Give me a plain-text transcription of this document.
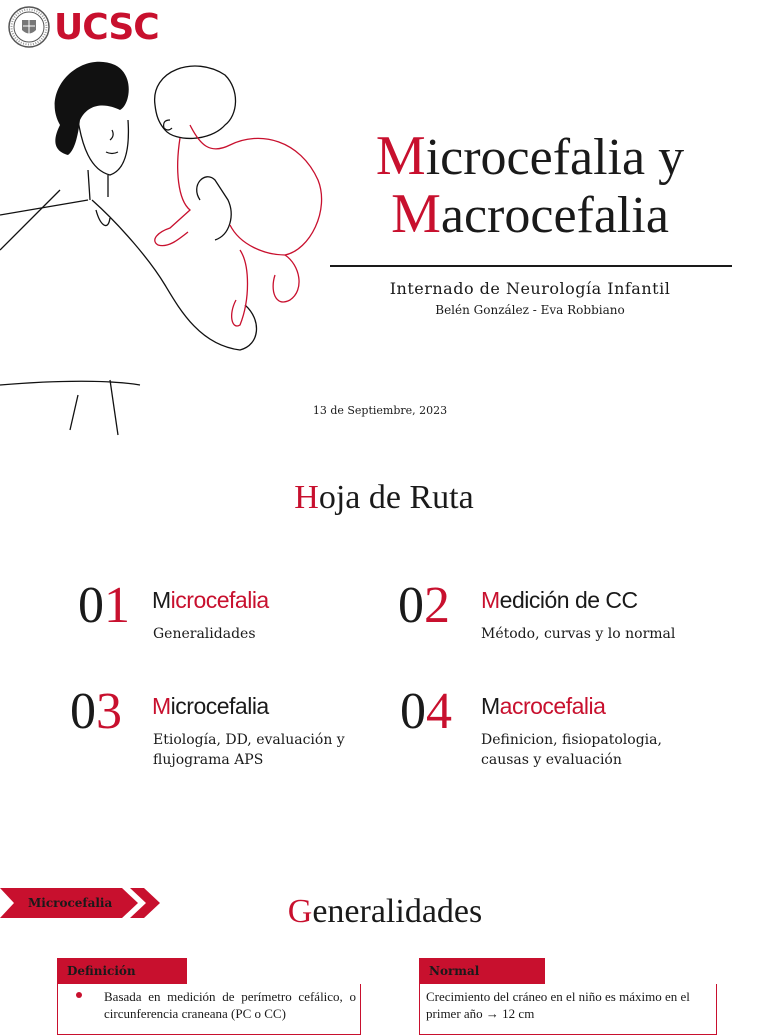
UCSC
Microcefalia y
Macrocefalia
Internado de Neurología Infantil
Belén González - Eva Robbiano
13 de Septiembre, 2023
Hoja de Ruta
01 Microcefalia
Generalidades	02 Medición de CC
Método, curvas y lo normal
03 Microcefalia
Etiología, DD, evaluación y flujograma APS
04 Macrocefalia
Definicion, fisiopatologia, causas y evaluación
Microcefalia	Generalidades
Definición
Basada en medición de perímetro cefálico, o circunferencia craneana (PC o CC)
Normal
Crecimiento del cráneo en el niño es máximo en el primer año → 12 cm
